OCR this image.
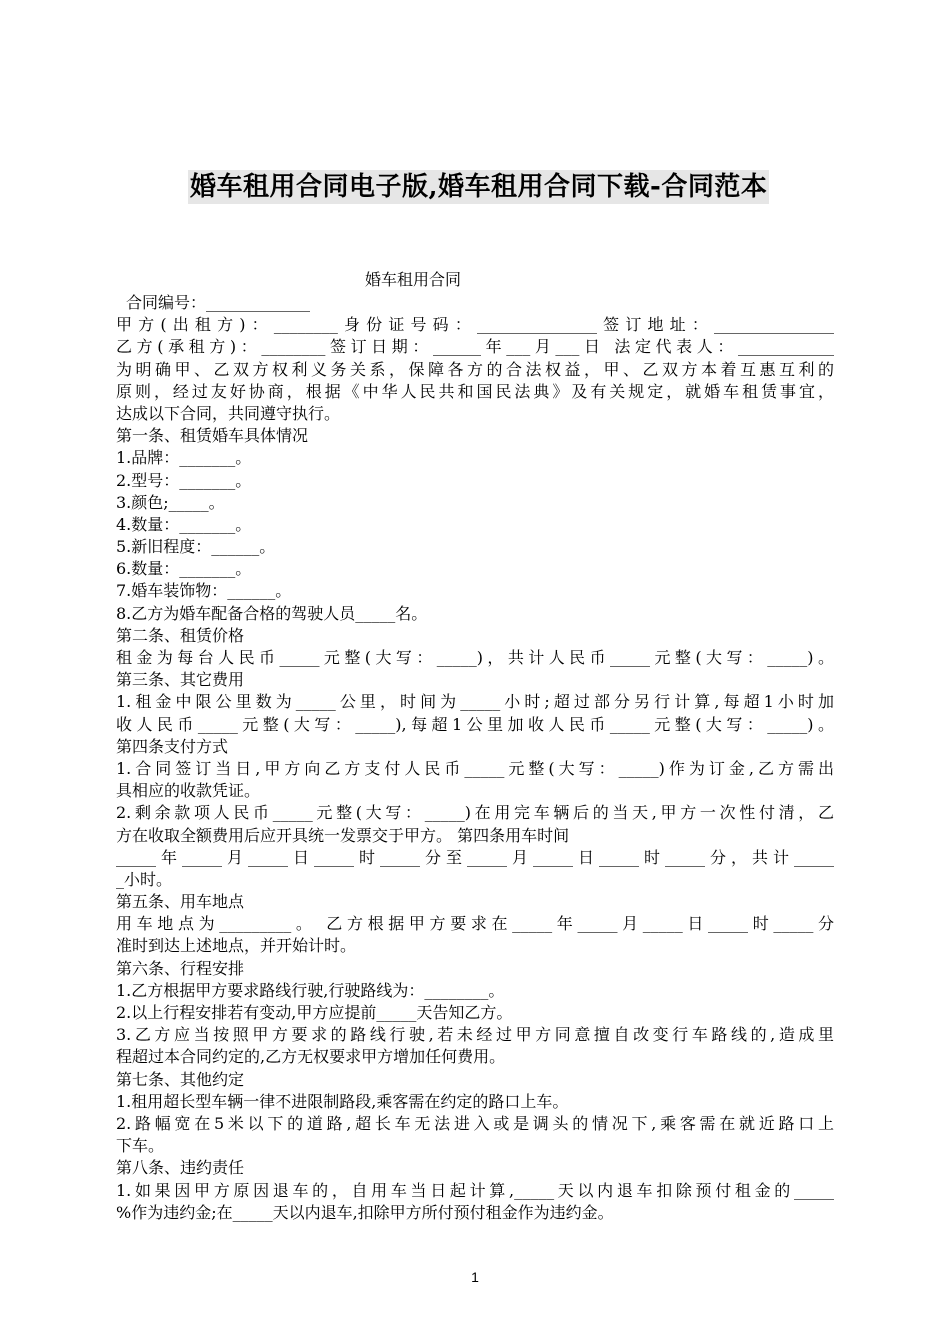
婚车租用合同电子版,婚车租用合同下载-合同范本
婚车租用合同
合同编号：_____________
甲方(出租方)：________身份证号码：_______________签订地址：_______________
乙方(承租方)：________签订日期：______年___月___日 法定代表人：____________
为明确甲、乙双方权利义务关系，保障各方的合法权益，甲、乙双方本着互惠互利的
原则，经过友好协商，根据《中华人民共和国民法典》及有关规定，就婚车租赁事宜，
达成以下合同，共同遵守执行。
第一条、租赁婚车具体情况
1.品牌：_______。
2.型号：_______。
3.颜色;_____。
4.数量：_______。
5.新旧程度：______。
6.数量：_______。
7.婚车装饰物：______。
8.乙方为婚车配备合格的驾驶人员_____名。
第二条、租赁价格
租金为每台人民币_____元整(大写：_____)，共计人民币_____元整(大写：_____)。
第三条、其它费用
1.租金中限公里数为_____公里，时间为_____小时;超过部分另行计算,每超1小时加
收人民币_____元整(大写：_____),每超1公里加收人民币_____元整(大写：_____)。
第四条支付方式
1.合同签订当日,甲方向乙方支付人民币_____元整(大写：_____)作为订金,乙方需出
具相应的收款凭证。
2.剩余款项人民币_____元整(大写：_____)在用完车辆后的当天,甲方一次性付清，乙
方在收取全额费用后应开具统一发票交于甲方。 第四条用车时间
_____年_____月_____日_____时_____分至_____月_____日_____时_____分，共计_____
_小时。
第五条、用车地点
用车地点为_________。 乙方根据甲方要求在_____年_____月_____日_____时_____分
准时到达上述地点，并开始计时。
第六条、行程安排
1.乙方根据甲方要求路线行驶,行驶路线为：________。
2.以上行程安排若有变动,甲方应提前_____天告知乙方。
3.乙方应当按照甲方要求的路线行驶,若未经过甲方同意擅自改变行车路线的,造成里
程超过本合同约定的,乙方无权要求甲方增加任何费用。
第七条、其他约定
1.租用超长型车辆一律不进限制路段,乘客需在约定的路口上车。
2.路幅宽在5米以下的道路,超长车无法进入或是调头的情况下,乘客需在就近路口上
下车。
第八条、违约责任
1.如果因甲方原因退车的，自用车当日起计算,_____天以内退车扣除预付租金的_____
%作为违约金;在_____天以内退车,扣除甲方所付预付租金作为违约金。
1
